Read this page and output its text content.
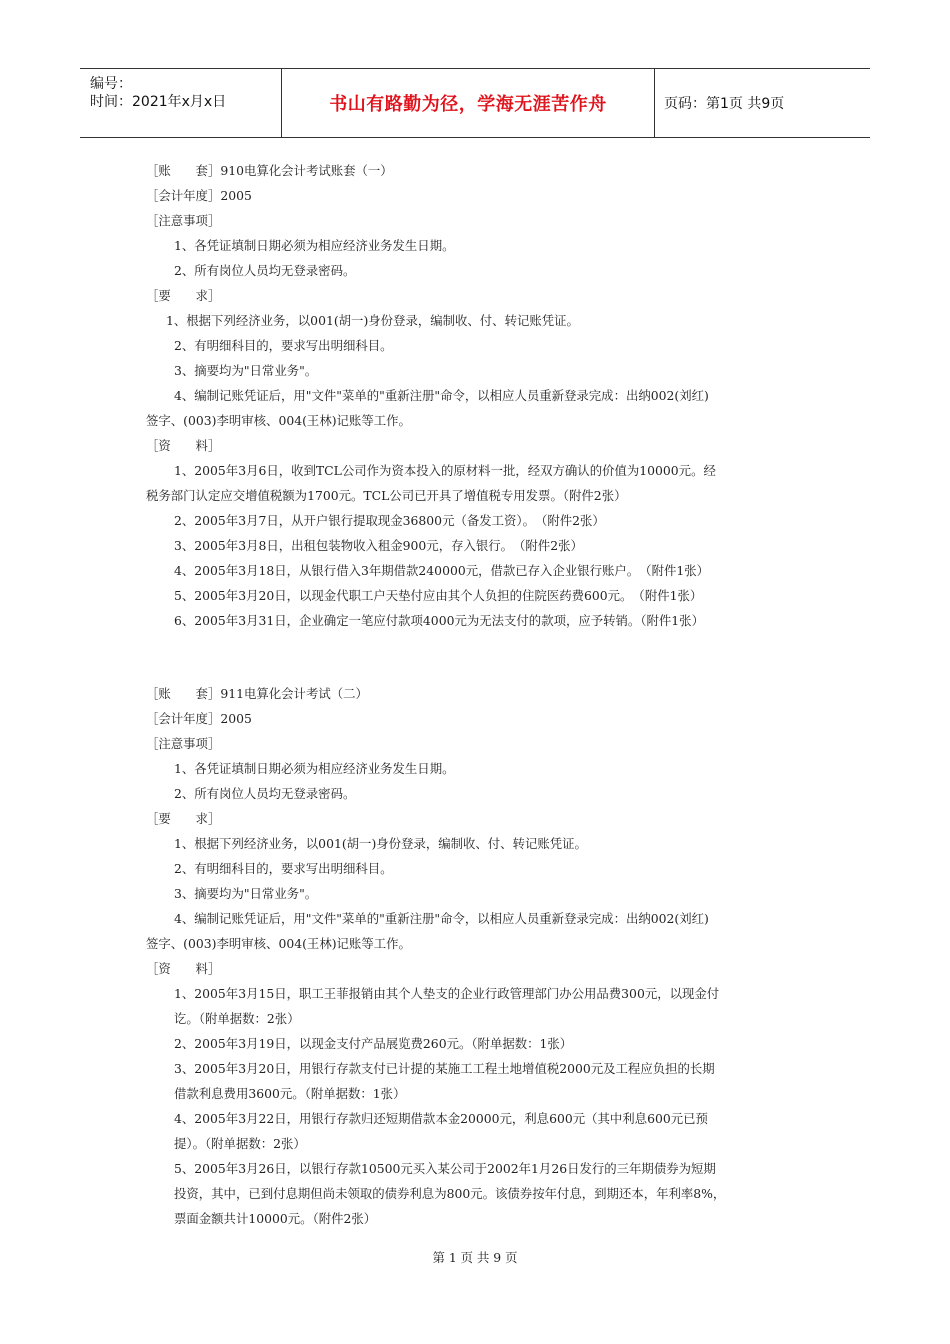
编号：
时间：2021年x月x日	书山有路勤为径，学海无涯苦作舟	页码：第1页 共9页
［账　　套］910电算化会计考试账套（一）
［会计年度］2005
［注意事项］
1、各凭证填制日期必须为相应经济业务发生日期。
2、所有岗位人员均无登录密码。
［要　　求］
1、根据下列经济业务，以001(胡一)身份登录，编制收、付、转记账凭证。
2、有明细科目的，要求写出明细科目。
3、摘要均为"日常业务"。
4、编制记账凭证后，用"文件"菜单的"重新注册"命令，以相应人员重新登录完成：出纳002(刘红)
签字、(003)李明审核、004(王林)记账等工作。
［资　　料］
1、2005年3月6日，收到TCL公司作为资本投入的原材料一批，经双方确认的价值为10000元。经
税务部门认定应交增值税额为1700元。TCL公司已开具了增值税专用发票。（附件2张）
2、2005年3月7日，从开户银行提取现金36800元（备发工资）。　（附件2张）
3、2005年3月8日，出租包装物收入租金900元，存入银行。　（附件2张）
4、2005年3月18日，从银行借入3年期借款240000元，借款已存入企业银行账户。　（附件1张）
5、2005年3月20日，以现金代职工户天垫付应由其个人负担的住院医药费600元。　（附件1张）
6、2005年3月31日，企业确定一笔应付款项4000元为无法支付的款项，应予转销。（附件1张）
［账　　套］911电算化会计考试（二）
［会计年度］2005
［注意事项］
1、各凭证填制日期必须为相应经济业务发生日期。
2、所有岗位人员均无登录密码。
［要　　求］
1、根据下列经济业务，以001(胡一)身份登录，编制收、付、转记账凭证。
2、有明细科目的，要求写出明细科目。
3、摘要均为"日常业务"。
4、编制记账凭证后，用"文件"菜单的"重新注册"命令，以相应人员重新登录完成：出纳002(刘红)
签字、(003)李明审核、004(王林)记账等工作。
［资　　料］
1、2005年3月15日，职工王菲报销由其个人垫支的企业行政管理部门办公用品费300元，以现金付
讫。（附单据数：2张）
2、2005年3月19日，以现金支付产品展览费260元。（附单据数：1张）
3、2005年3月20日，用银行存款支付已计提的某施工工程土地增值税2000元及工程应负担的长期
借款利息费用3600元。（附单据数：1张）
4、2005年3月22日，用银行存款归还短期借款本金20000元，利息600元（其中利息600元已预
提）。（附单据数：2张）
5、2005年3月26日，以银行存款10500元买入某公司于2002年1月26日发行的三年期债券为短期
投资，其中，已到付息期但尚未领取的债券利息为800元。该债券按年付息，到期还本，年利率8%，
票面金额共计10000元。（附件2张）
第 1 页 共 9 页
